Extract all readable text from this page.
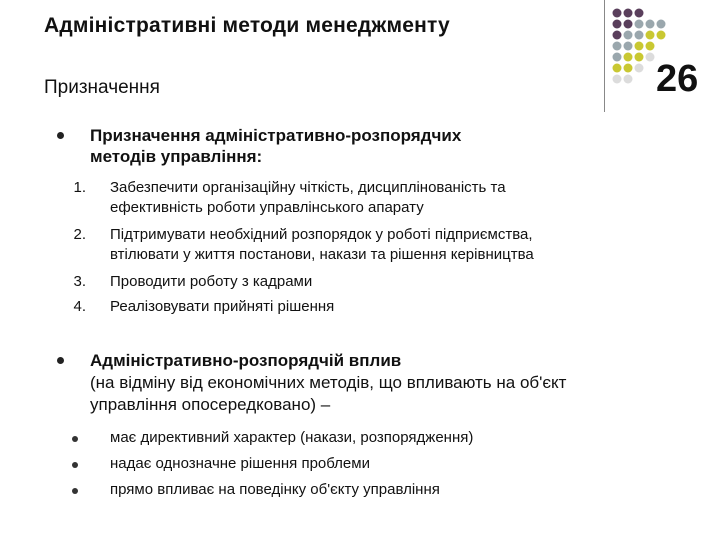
Адміністративні методи менеджменту
Призначення	26
Призначення адміністративно-розпорядчих
методів управління:
1. Забезпечити організаційну чіткість, дисциплінованість та
ефективність роботи управлінського апарату
2. Підтримувати необхідний розпорядок у роботі підприємства,
втілювати у життя постанови, накази та рішення керівництва
3. Проводити роботу з кадрами
4. Реалізовувати прийняті рішення
Адміністративно-розпорядчій вплив
(на відміну від економічних методів, що впливають на об'єкт
управління опосередковано) –
має директивний характер (накази, розпорядження)
надає однозначне рішення проблеми
прямо впливає на поведінку об'єкту управління
